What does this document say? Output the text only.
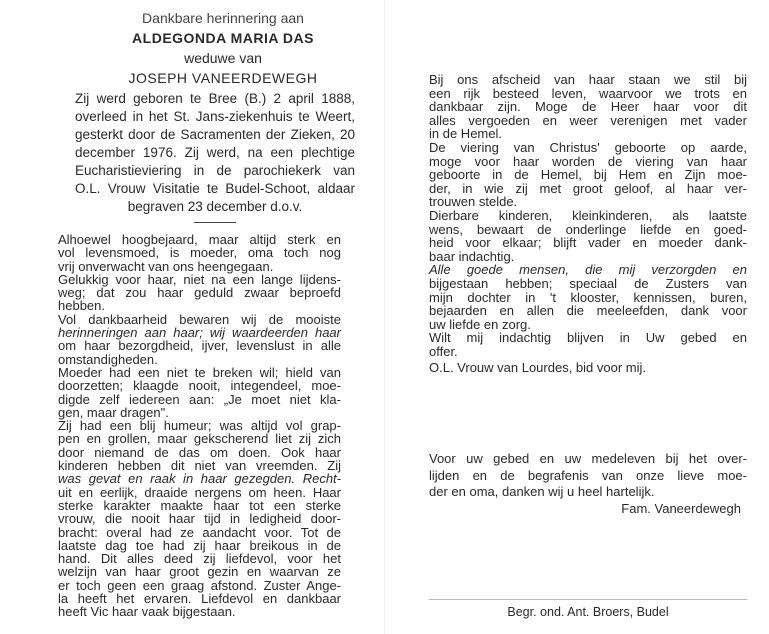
Dankbare herinnering aan
ALDEGONDA MARIA DAS
weduwe van
JOSEPH VANEERDEWEGH
Zij werd geboren te Bree (B.) 2 april 1888,
overleed in het St. Jans-ziekenhuis te Weert,
gesterkt door de Sacramenten der Zieken, 20
december 1976. Zij werd, na een plechtige
Eucharistieviering in de parochiekerk van
O.L. Vrouw Visitatie te Budel-Schoot, aldaar
begraven 23 december d.o.v.
Alhoewel hoogbejaard, maar altijd sterk en
vol levensmoed, is moeder, oma toch nog
vrij onverwacht van ons heengegaan.
Gelukkig voor haar, niet na een lange lijdens-
weg; dat zou haar geduld zwaar beproefd
hebben.
Vol dankbaarheid bewaren wij de mooiste
herinneringen aan haar; wij waardeerden haar
om haar bezorgdheid, ijver, levenslust in alle
omstandigheden.
Moeder had een niet te breken wil; hield van
doorzetten; klaagde nooit, integendeel, moe-
digde zelf iedereen aan: „Je moet niet kla-
gen, maar dragen".
Zij had een blij humeur; was altijd vol grap-
pen en grollen, maar gekscherend liet zij zich
door niemand de das om doen. Ook haar
kinderen hebben dit niet van vreemden. Zij
was gevat en raak in haar gezegden. Recht-
uit en eerlijk, draaide nergens om heen. Haar
sterke karakter maakte haar tot een sterke
vrouw, die nooit haar tijd in ledigheid door-
bracht: overal had ze aandacht voor. Tot de
laatste dag toe had zij haar breikous in de
hand. Dit alles deed zij liefdevol, voor het
welzijn van haar groot gezin en waarvan ze
er toch geen een graag afstond. Zuster Ange-
la heeft het ervaren. Liefdevol en dankbaar
heeft Vic haar vaak bijgestaan.
Bij ons afscheid van haar staan we stil bij
een rijk besteed leven, waarvoor we trots en
dankbaar zijn. Moge de Heer haar voor dit
alles vergoeden en weer verenigen met vader
in de Hemel.
De viering van Christus' geboorte op aarde,
moge voor haar worden de viering van haar
geboorte in de Hemel, bij Hem en Zijn moe-
der, in wie zij met groot geloof, al haar ver-
trouwen stelde.
Dierbare kinderen, kleinkinderen, als laatste
wens, bewaart de onderlinge liefde en goed-
heid voor elkaar; blijft vader en moeder dank-
baar indachtig.
Alle goede mensen, die mij verzorgden en
bijgestaan hebben; speciaal de Zusters van
mijn dochter in 't klooster, kennissen, buren,
bejaarden en allen die meeleefden, dank voor
uw liefde en zorg.
Wilt mij indachtig blijven in Uw gebed en
offer.
O.L. Vrouw van Lourdes, bid voor mij.
Voor uw gebed en uw medeleven bij het over-
lijden en de begrafenis van onze lieve moe-
der en oma, danken wij u heel hartelijk.
Fam. Vaneerdewegh
Begr. ond. Ant. Broers, Budel
